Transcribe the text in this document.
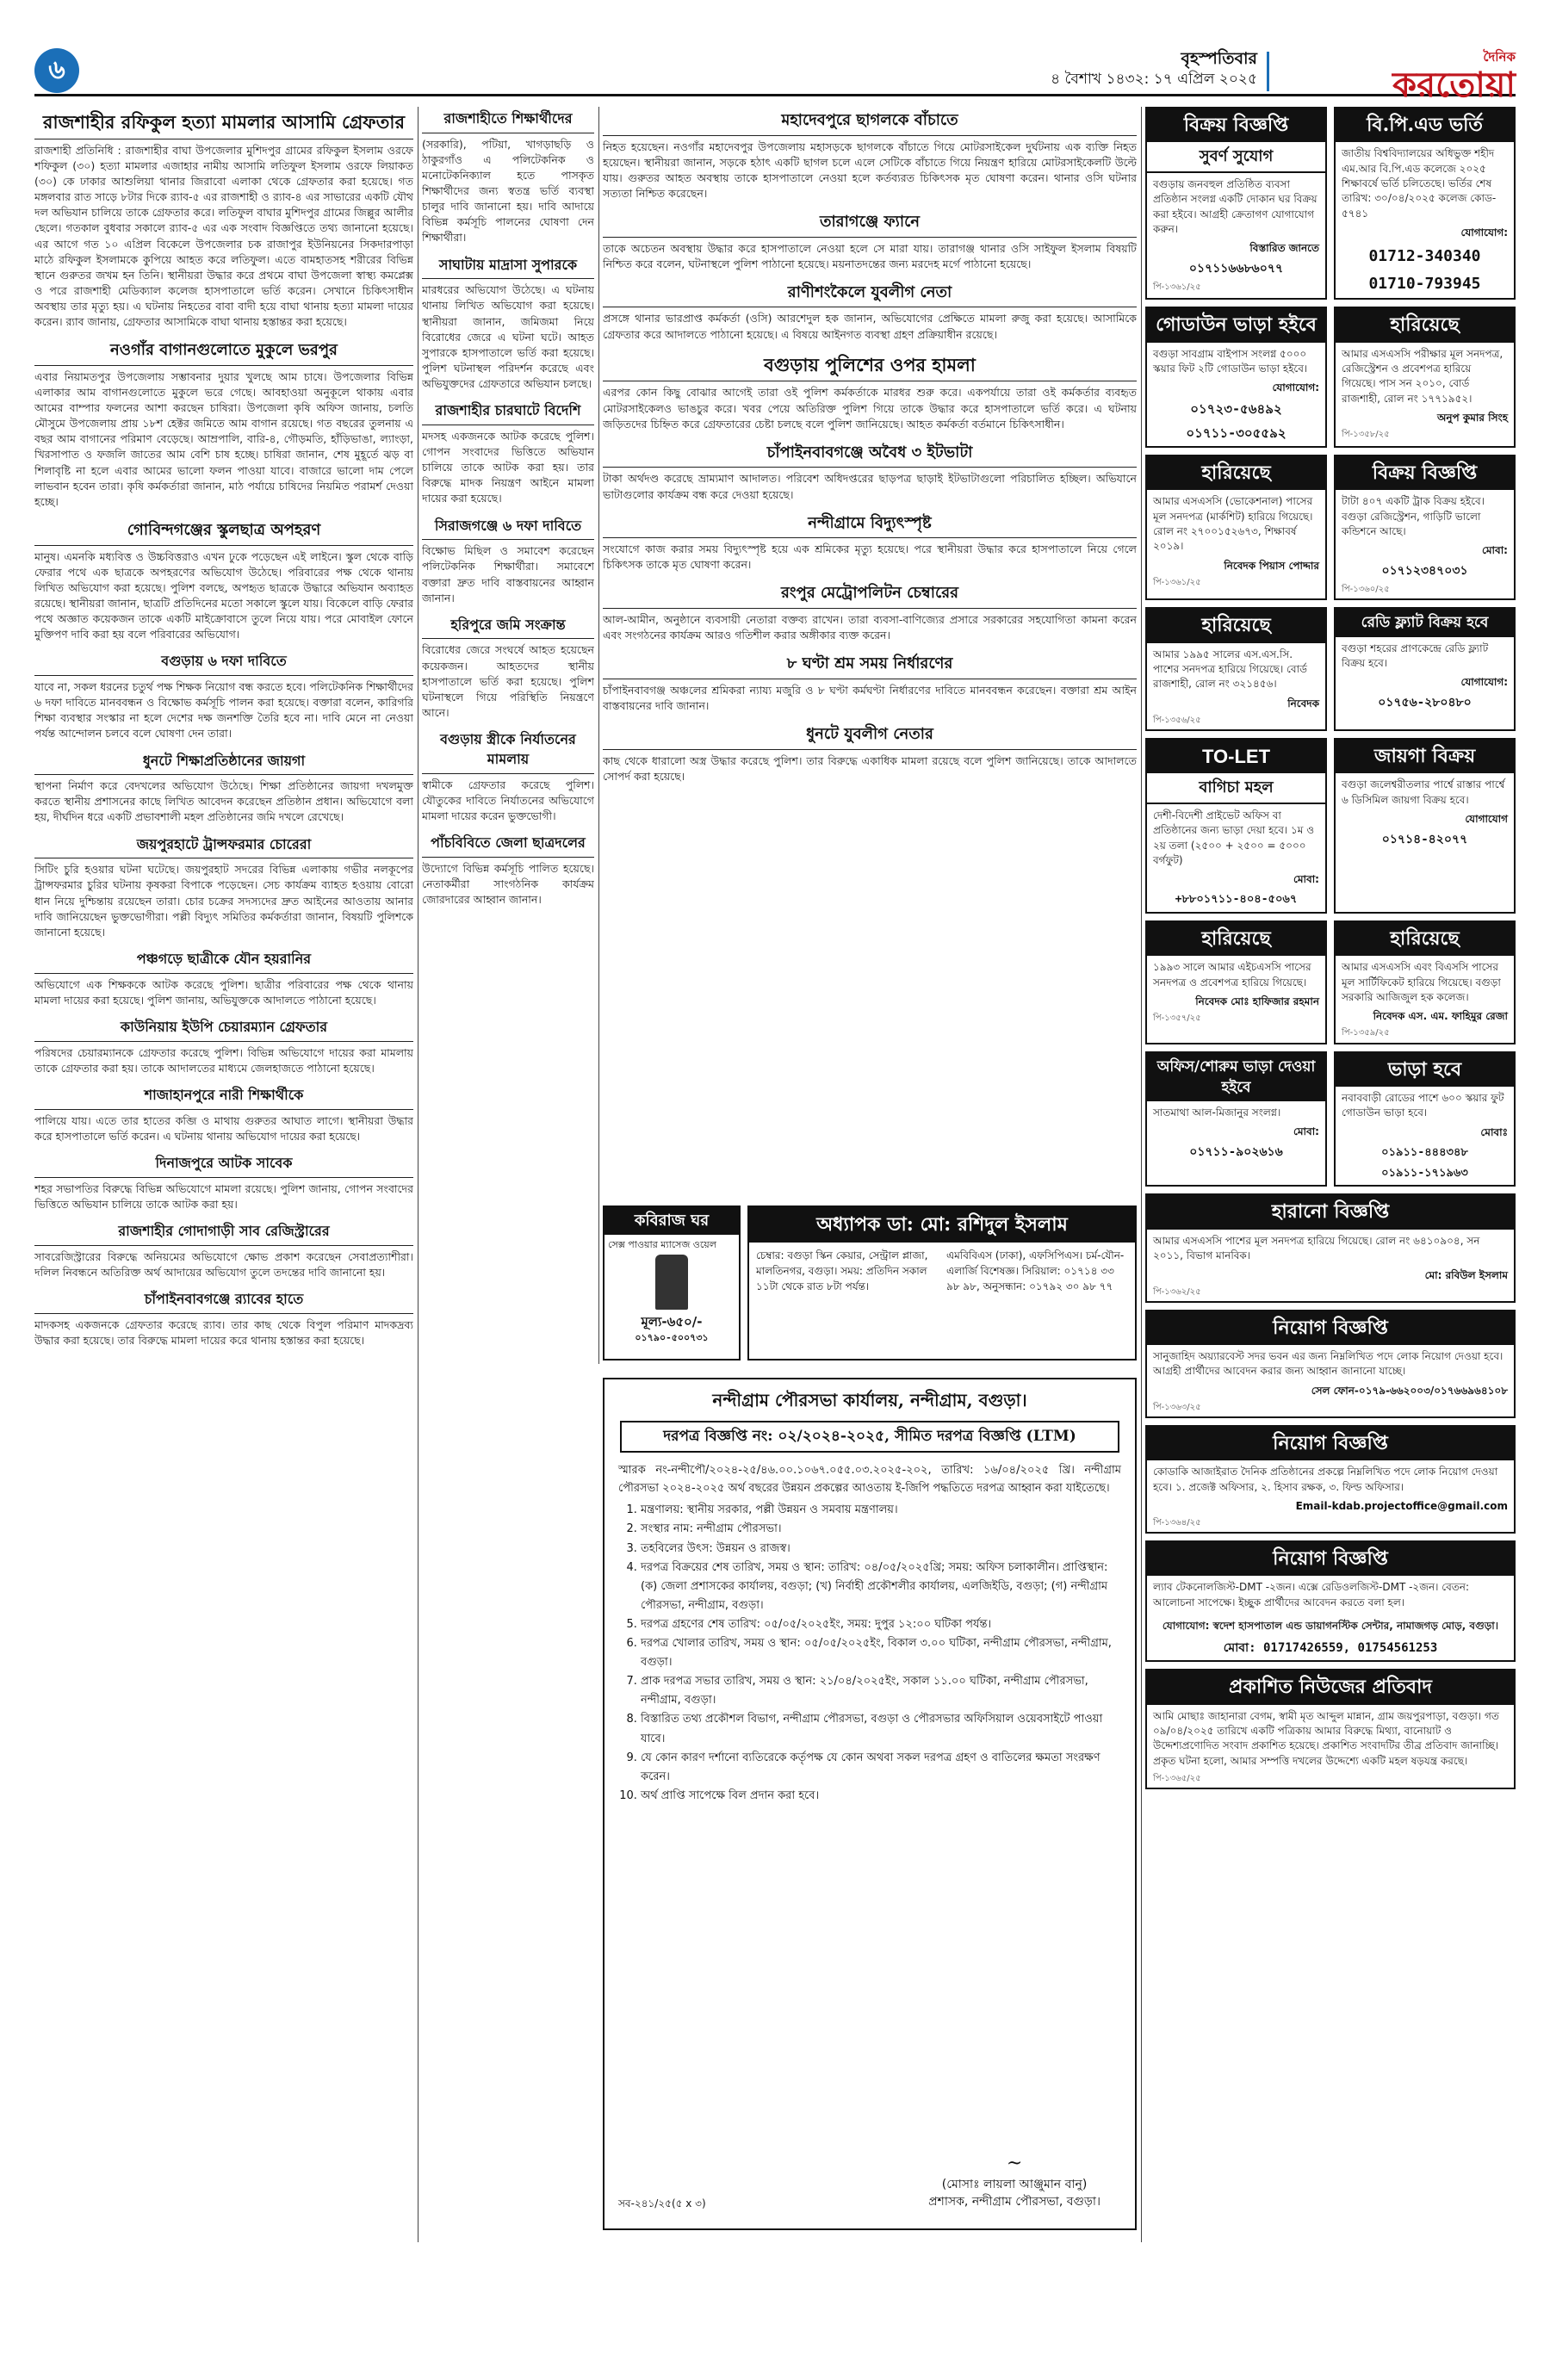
৬	বৃহস্পতিবার
৪ বৈশাখ ১৪৩২: ১৭ এপ্রিল ২০২৫
দৈনিক
করতোয়া
রাজশাহীর রফিকুল হত্যা মামলার আসামি গ্রেফতার

রাজশাহী প্রতিনিধি : রাজশাহীর বাঘা উপজেলার মুশিদপুর গ্রামের রফিকুল ইসলাম ওরফে শফিকুল (৩০) হত্যা মামলার এজাহার নামীয় আসামি লতিফুল ইসলাম ওরফে লিয়াকত (৩০) কে ঢাকার আশুলিয়া থানার জিরাবো এলাকা থেকে গ্রেফতার করা হয়েছে। গত মঙ্গলবার রাত সাড়ে ৮টার দিকে র‍্যাব-৫ এর রাজশাহী ও র‍্যাব-৪ এর সাভারের একটি যৌথ দল অভিযান চালিয়ে তাকে গ্রেফতার করে। লতিফুল বাঘার মুশিদপুর গ্রামের জিল্লুর আলীর ছেলে। গতকাল বুধবার সকালে র‍্যাব-৫ এর এক সংবাদ বিজ্ঞপ্তিতে তথ্য জানানো হয়েছে। এর আগে গত ১০ এপ্রিল বিকেলে উপজেলার চক রাজাপুর ইউনিয়নের সিকদারপাড়া মাঠে রফিকুল ইসলামকে কুপিয়ে আহত করে লতিফুল। এতে বামহাতসহ শরীরের বিভিন্ন স্থানে গুরুতর জখম হন তিনি। স্থানীয়রা উদ্ধার করে প্রথমে বাঘা উপজেলা স্বাস্থ্য কমপ্লেক্স ও পরে রাজশাহী মেডিক্যাল কলেজ হাসপাতালে ভর্তি করেন। সেখানে চিকিৎসাধীন অবস্থায় তার মৃত্যু হয়। এ ঘটনায় নিহতের বাবা বাদী হয়ে বাঘা থানায় হত্যা মামলা দায়ের করেন। র‍্যাব জানায়, গ্রেফতার আসামিকে বাঘা থানায় হস্তান্তর করা হয়েছে।

নওগাঁর বাগানগুলোতে মুকুলে ভরপুর

এবার নিয়ামতপুর উপজেলায় সম্ভাবনার দুয়ার খুলছে আম চাষে। উপজেলার বিভিন্ন এলাকার আম বাগানগুলোতে মুকুলে ভরে গেছে। আবহাওয়া অনুকূলে থাকায় এবার আমের বাম্পার ফলনের আশা করছেন চাষিরা। উপজেলা কৃষি অফিস জানায়, চলতি মৌসুমে উপজেলায় প্রায় ১৮শ হেক্টর জমিতে আম বাগান রয়েছে। গত বছরের তুলনায় এ বছর আম বাগানের পরিমাণ বেড়েছে। আম্রপালি, বারি-৪, গৌড়মতি, হাঁড়িভাঙা, ল্যাংড়া, খিরসাপাত ও ফজলি জাতের আম বেশি চাষ হচ্ছে। চাষিরা জানান, শেষ মুহূর্তে ঝড় বা শিলাবৃষ্টি না হলে এবার আমের ভালো ফলন পাওয়া যাবে। বাজারে ভালো দাম পেলে লাভবান হবেন তারা। কৃষি কর্মকর্তারা জানান, মাঠ পর্যায়ে চাষিদের নিয়মিত পরামর্শ দেওয়া হচ্ছে।

গোবিন্দগঞ্জের স্কুলছাত্র অপহরণ

মানুষ। এমনকি মধ্যবিত্ত ও উচ্চবিত্তরাও এখন ঢুকে পড়েছেন এই লাইনে। স্কুল থেকে বাড়ি ফেরার পথে এক ছাত্রকে অপহরণের অভিযোগ উঠেছে। পরিবারের পক্ষ থেকে থানায় লিখিত অভিযোগ করা হয়েছে। পুলিশ বলছে, অপহৃত ছাত্রকে উদ্ধারে অভিযান অব্যাহত রয়েছে। স্থানীয়রা জানান, ছাত্রটি প্রতিদিনের মতো সকালে স্কুলে যায়। বিকেলে বাড়ি ফেরার পথে অজ্ঞাত কয়েকজন তাকে একটি মাইক্রোবাসে তুলে নিয়ে যায়। পরে মোবাইল ফোনে মুক্তিপণ দাবি করা হয় বলে পরিবারের অভিযোগ।

বগুড়ায় ৬ দফা দাবিতে

যাবে না, সকল ধরনের চতুর্থ পক্ষ শিক্ষক নিয়োগ বন্ধ করতে হবে। পলিটেকনিক শিক্ষার্থীদের ৬ দফা দাবিতে মানববন্ধন ও বিক্ষোভ কর্মসূচি পালন করা হয়েছে। বক্তারা বলেন, কারিগরি শিক্ষা ব্যবস্থার সংস্কার না হলে দেশের দক্ষ জনশক্তি তৈরি হবে না। দাবি মেনে না নেওয়া পর্যন্ত আন্দোলন চলবে বলে ঘোষণা দেন তারা।

ধুনটে শিক্ষাপ্রতিষ্ঠানের জায়গা

স্থাপনা নির্মাণ করে বেদখলের অভিযোগ উঠেছে। শিক্ষা প্রতিষ্ঠানের জায়গা দখলমুক্ত করতে স্থানীয় প্রশাসনের কাছে লিখিত আবেদন করেছেন প্রতিষ্ঠান প্রধান। অভিযোগে বলা হয়, দীর্ঘদিন ধরে একটি প্রভাবশালী মহল প্রতিষ্ঠানের জমি দখলে রেখেছে।

জয়পুরহাটে ট্রান্সফরমার চোরেরা

সিটিং চুরি হওয়ার ঘটনা ঘটেছে। জয়পুরহাট সদরের বিভিন্ন এলাকায় গভীর নলকূপের ট্রান্সফরমার চুরির ঘটনায় কৃষকরা বিপাকে পড়েছেন। সেচ কার্যক্রম ব্যাহত হওয়ায় বোরো ধান নিয়ে দুশ্চিন্তায় রয়েছেন তারা। চোর চক্রের সদস্যদের দ্রুত আইনের আওতায় আনার দাবি জানিয়েছেন ভুক্তভোগীরা। পল্লী বিদ্যুৎ সমিতির কর্মকর্তারা জানান, বিষয়টি পুলিশকে জানানো হয়েছে।

পঞ্চগড়ে ছাত্রীকে যৌন হয়রানির

অভিযোগে এক শিক্ষককে আটক করেছে পুলিশ। ছাত্রীর পরিবারের পক্ষ থেকে থানায় মামলা দায়ের করা হয়েছে। পুলিশ জানায়, অভিযুক্তকে আদালতে পাঠানো হয়েছে।

কাউনিয়ায় ইউপি চেয়ারম্যান গ্রেফতার

পরিষদের চেয়ারম্যানকে গ্রেফতার করেছে পুলিশ। বিভিন্ন অভিযোগে দায়ের করা মামলায় তাকে গ্রেফতার করা হয়। তাকে আদালতের মাধ্যমে জেলহাজতে পাঠানো হয়েছে।

শাজাহানপুরে নারী শিক্ষার্থীকে

পালিয়ে যায়। এতে তার হাতের কব্জি ও মাথায় গুরুতর আঘাত লাগে। স্থানীয়রা উদ্ধার করে হাসপাতালে ভর্তি করেন। এ ঘটনায় থানায় অভিযোগ দায়ের করা হয়েছে।

দিনাজপুরে আটক সাবেক

শহর সভাপতির বিরুদ্ধে বিভিন্ন অভিযোগে মামলা রয়েছে। পুলিশ জানায়, গোপন সংবাদের ভিত্তিতে অভিযান চালিয়ে তাকে আটক করা হয়।

রাজশাহীর গোদাগাড়ী সাব রেজিস্ট্রারের

সাবরেজিস্ট্রারের বিরুদ্ধে অনিয়মের অভিযোগে ক্ষোভ প্রকাশ করেছেন সেবাপ্রত্যাশীরা। দলিল নিবন্ধনে অতিরিক্ত অর্থ আদায়ের অভিযোগ তুলে তদন্তের দাবি জানানো হয়।

চাঁপাইনবাবগঞ্জে র‍্যাবের হাতে

মাদকসহ একজনকে গ্রেফতার করেছে র‍্যাব। তার কাছ থেকে বিপুল পরিমাণ মাদকদ্রব্য উদ্ধার করা হয়েছে। তার বিরুদ্ধে মামলা দায়ের করে থানায় হস্তান্তর করা হয়েছে।

রাজশাহীতে শিক্ষার্থীদের

(সরকারি), পটিয়া, খাগড়াছড়ি ও ঠাকুরগাঁও এ পলিটেকনিক ও মনোটেকনিক্যাল হতে পাসকৃত শিক্ষার্থীদের জন্য স্বতন্ত্র ভর্তি ব্যবস্থা চালুর দাবি জানানো হয়। দাবি আদায়ে বিভিন্ন কর্মসূচি পালনের ঘোষণা দেন শিক্ষার্থীরা।

সাঘাটায় মাদ্রাসা সুপারকে

মারধরের অভিযোগ উঠেছে। এ ঘটনায় থানায় লিখিত অভিযোগ করা হয়েছে। স্থানীয়রা জানান, জমিজমা নিয়ে বিরোধের জেরে এ ঘটনা ঘটে। আহত সুপারকে হাসপাতালে ভর্তি করা হয়েছে। পুলিশ ঘটনাস্থল পরিদর্শন করেছে এবং অভিযুক্তদের গ্রেফতারে অভিযান চলছে।

রাজশাহীর চারঘাটে বিদেশি

মদসহ একজনকে আটক করেছে পুলিশ। গোপন সংবাদের ভিত্তিতে অভিযান চালিয়ে তাকে আটক করা হয়। তার বিরুদ্ধে মাদক নিয়ন্ত্রণ আইনে মামলা দায়ের করা হয়েছে।

সিরাজগঞ্জে ৬ দফা দাবিতে

বিক্ষোভ মিছিল ও সমাবেশ করেছেন পলিটেকনিক শিক্ষার্থীরা। সমাবেশে বক্তারা দ্রুত দাবি বাস্তবায়নের আহ্বান জানান।

হরিপুরে জমি সংক্রান্ত

বিরোধের জেরে সংঘর্ষে আহত হয়েছেন কয়েকজন। আহতদের স্থানীয় হাসপাতালে ভর্তি করা হয়েছে। পুলিশ ঘটনাস্থলে গিয়ে পরিস্থিতি নিয়ন্ত্রণে আনে।

বগুড়ায় স্ত্রীকে নির্যাতনের মামলায়

স্বামীকে গ্রেফতার করেছে পুলিশ। যৌতুকের দাবিতে নির্যাতনের অভিযোগে মামলা দায়ের করেন ভুক্তভোগী।

পাঁচবিবিতে জেলা ছাত্রদলের

উদ্যোগে বিভিন্ন কর্মসূচি পালিত হয়েছে। নেতাকর্মীরা সাংগঠনিক কার্যক্রম জোরদারের আহ্বান জানান।

মহাদেবপুরে ছাগলকে বাঁচাতে

নিহত হয়েছেন। নওগাঁর মহাদেবপুর উপজেলায় মহাসড়কে ছাগলকে বাঁচাতে গিয়ে মোটরসাইকেল দুর্ঘটনায় এক ব্যক্তি নিহত হয়েছেন। স্থানীয়রা জানান, সড়কে হঠাৎ একটি ছাগল চলে এলে সেটিকে বাঁচাতে গিয়ে নিয়ন্ত্রণ হারিয়ে মোটরসাইকেলটি উল্টে যায়। গুরুতর আহত অবস্থায় তাকে হাসপাতালে নেওয়া হলে কর্তব্যরত চিকিৎসক মৃত ঘোষণা করেন। থানার ওসি ঘটনার সত্যতা নিশ্চিত করেছেন।

তারাগঞ্জে ফ্যানে

তাকে অচেতন অবস্থায় উদ্ধার করে হাসপাতালে নেওয়া হলে সে মারা যায়। তারাগঞ্জ থানার ওসি সাইফুল ইসলাম বিষয়টি নিশ্চিত করে বলেন, ঘটনাস্থলে পুলিশ পাঠানো হয়েছে। ময়নাতদন্তের জন্য মরদেহ মর্গে পাঠানো হয়েছে।

রাণীশংকৈলে যুবলীগ নেতা

প্রসঙ্গে থানার ভারপ্রাপ্ত কর্মকর্তা (ওসি) আরশেদুল হক জানান, অভিযোগের প্রেক্ষিতে মামলা রুজু করা হয়েছে। আসামিকে গ্রেফতার করে আদালতে পাঠানো হয়েছে। এ বিষয়ে আইনগত ব্যবস্থা গ্রহণ প্রক্রিয়াধীন রয়েছে।

বগুড়ায় পুলিশের ওপর হামলা

এরপর কোন কিছু বোঝার আগেই তারা ওই পুলিশ কর্মকর্তাকে মারধর শুরু করে। একপর্যায়ে তারা ওই কর্মকর্তার ব্যবহৃত মোটরসাইকেলও ভাঙচুর করে। খবর পেয়ে অতিরিক্ত পুলিশ গিয়ে তাকে উদ্ধার করে হাসপাতালে ভর্তি করে। এ ঘটনায় জড়িতদের চিহ্নিত করে গ্রেফতারের চেষ্টা চলছে বলে পুলিশ জানিয়েছে। আহত কর্মকর্তা বর্তমানে চিকিৎসাধীন।

চাঁপাইনবাবগঞ্জে অবৈধ ৩ ইটভাটা

টাকা অর্থদণ্ড করেছে ভ্রাম্যমাণ আদালত। পরিবেশ অধিদপ্তরের ছাড়পত্র ছাড়াই ইটভাটাগুলো পরিচালিত হচ্ছিল। অভিযানে ভাটাগুলোর কার্যক্রম বন্ধ করে দেওয়া হয়েছে।

নন্দীগ্রামে বিদ্যুৎস্পৃষ্ট

সংযোগে কাজ করার সময় বিদ্যুৎস্পৃষ্ট হয়ে এক শ্রমিকের মৃত্যু হয়েছে। পরে স্থানীয়রা উদ্ধার করে হাসপাতালে নিয়ে গেলে চিকিৎসক তাকে মৃত ঘোষণা করেন।

রংপুর মেট্রোপলিটন চেম্বারের

আল-আমীন, অনুষ্ঠানে ব্যবসায়ী নেতারা বক্তব্য রাখেন। তারা ব্যবসা-বাণিজ্যের প্রসারে সরকারের সহযোগিতা কামনা করেন এবং সংগঠনের কার্যক্রম আরও গতিশীল করার অঙ্গীকার ব্যক্ত করেন।

৮ ঘণ্টা শ্রম সময় নির্ধারণের

চাঁপাইনবাবগঞ্জ অঞ্চলের শ্রমিকরা ন্যায্য মজুরি ও ৮ ঘণ্টা কর্মঘণ্টা নির্ধারণের দাবিতে মানববন্ধন করেছেন। বক্তারা শ্রম আইন বাস্তবায়নের দাবি জানান।

ধুনটে যুবলীগ নেতার

কাছ থেকে ধারালো অস্ত্র উদ্ধার করেছে পুলিশ। তার বিরুদ্ধে একাধিক মামলা রয়েছে বলে পুলিশ জানিয়েছে। তাকে আদালতে সোপর্দ করা হয়েছে।

কবিরাজ ঘর
সেক্স পাওয়ার ম্যাসেজ ওয়েল
মূল্য-৬৫০/-
০১৭৯০-৫০০৭৩১
অধ্যাপক ডা: মো: রশিদুল ইসলাম
চেম্বার: বগুড়া স্কিন কেয়ার, সেন্ট্রাল প্লাজা, মালতিনগর, বগুড়া। সময়: প্রতিদিন সকাল ১১টা থেকে রাত ৮টা পর্যন্ত।
এমবিবিএস (ঢাকা), এফসিপিএস। চর্ম-যৌন-এলার্জি বিশেষজ্ঞ। সিরিয়াল: ০১৭১৪ ৩৩ ৯৮ ৯৮, অনুসন্ধান: ০১৭৯২ ৩০ ৯৮ ৭৭
নন্দীগ্রাম পৌরসভা কার্যালয়, নন্দীগ্রাম, বগুড়া।
দরপত্র বিজ্ঞপ্তি নং: ০২/২০২৪-২০২৫, সীমিত দরপত্র বিজ্ঞপ্তি (LTM)
স্মারক নং-নন্দীপৌ/২০২৪-২৫/৪৬.০০.১০৬৭.০৫৫.০৩.২০২৫-২০২, তারিখ: ১৬/০৪/২০২৫ খ্রি। নন্দীগ্রাম পৌরসভা ২০২৪-২০২৫ অর্থ বছরের উন্নয়ন প্রকল্পের আওতায় ই-জিপি পদ্ধতিতে দরপত্র আহ্বান করা যাইতেছে।
1. মন্ত্রণালয়: স্থানীয় সরকার, পল্লী উন্নয়ন ও সমবায় মন্ত্রণালয়।
2. সংস্থার নাম: নন্দীগ্রাম পৌরসভা।
3. তহবিলের উৎস: উন্নয়ন ও রাজস্ব।
4. দরপত্র বিক্রয়ের শেষ তারিখ, সময় ও স্থান: তারিখ: ০৪/০৫/২০২৫খ্রি; সময়: অফিস চলাকালীন। প্রাপ্তিস্থান: (ক) জেলা প্রশাসকের কার্যালয়, বগুড়া; (খ) নির্বাহী প্রকৌশলীর কার্যালয়, এলজিইডি, বগুড়া; (গ) নন্দীগ্রাম পৌরসভা, নন্দীগ্রাম, বগুড়া।
5. দরপত্র গ্রহণের শেষ তারিখ: ০৫/০৫/২০২৫ইং, সময়: দুপুর ১২:০০ ঘটিকা পর্যন্ত।
6. দরপত্র খোলার তারিখ, সময় ও স্থান: ০৫/০৫/২০২৫ইং, বিকাল ৩.০০ ঘটিকা, নন্দীগ্রাম পৌরসভা, নন্দীগ্রাম, বগুড়া।
7. প্রাক দরপত্র সভার তারিখ, সময় ও স্থান: ২১/০৪/২০২৫ইং, সকাল ১১.০০ ঘটিকা, নন্দীগ্রাম পৌরসভা, নন্দীগ্রাম, বগুড়া।
8. বিস্তারিত তথ্য প্রকৌশল বিভাগ, নন্দীগ্রাম পৌরসভা, বগুড়া ও পৌরসভার অফিসিয়াল ওয়েবসাইটে পাওয়া যাবে।
9. যে কোন কারণ দর্শানো ব্যতিরেকে কর্তৃপক্ষ যে কোন অথবা সকল দরপত্র গ্রহণ ও বাতিলের ক্ষমতা সংরক্ষণ করেন।
10. অর্থ প্রাপ্তি সাপেক্ষে বিল প্রদান করা হবে।
সব-২৪১/২৫(৫ x ৩)
~
(মোসাঃ লায়লা আঞ্জুমান বানু)
প্রশাসক, নন্দীগ্রাম পৌরসভা, বগুড়া।
বিক্রয় বিজ্ঞপ্তি
সুবর্ণ সুযোগ
বগুড়ায় জনবহুল প্রতিষ্ঠিত ব্যবসা প্রতিষ্ঠান সংলগ্ন একটি দোকান ঘর বিক্রয় করা হইবে। আগ্রহী ক্রেতাগণ যোগাযোগ করুন।
বিস্তারিত জানতে
০১৭১১৬৬৮৬০৭৭
পি-১৩৬১/২৫
বি.পি.এড ভর্তি
জাতীয় বিশ্ববিদ্যালয়ের অধিভুক্ত শহীদ এম.আর বি.পি.এড কলেজে ২০২৫ শিক্ষাবর্ষে ভর্তি চলিতেছে। ভর্তির শেষ তারিখ: ৩০/০৪/২০২৫ কলেজ কোড- ৫৭৪১
যোগাযোগ:
01712-340340
01710-793945
গোডাউন ভাড়া হইবে
বগুড়া সাবগ্রাম বাইপাস সংলগ্ন ৫০০০ স্কয়ার ফিট ২টি গোডাউন ভাড়া হইবে।
যোগাযোগ:
০১৭২৩-৫৬৪৯২
০১৭১১-৩০৫৫৯২
হারিয়েছে
আমার এসএসসি পরীক্ষার মূল সনদপত্র, রেজিস্ট্রেশন ও প্রবেশপত্র হারিয়ে গিয়েছে। পাস সন ২০১০, বোর্ড রাজশাহী, রোল নং ১৭৭১৯৫২।
অনুপ কুমার সিংহ
পি-১৩৫৮/২৫
হারিয়েছে
আমার এসএসসি (ভোকেশনাল) পাসের মূল সনদপত্র (মার্কশিট) হারিয়ে গিয়েছে। রোল নং ২৭০০১৫২৬৭৩, শিক্ষাবর্ষ ২০১৯।
নিবেদক পিয়াস পোদ্দার
পি-১৩৬১/২৫
বিক্রয় বিজ্ঞপ্তি
টাটা ৪০৭ একটি ট্রাক বিক্রয় হইবে। বগুড়া রেজিস্ট্রেশন, গাড়িটি ভালো কন্ডিশনে আছে।
মোবা:
০১৭১২৩৪৭০৩১
পি-১৩৬০/২৫
হারিয়েছে
আমার ১৯৯৫ সালের এস.এস.সি. পাশের সনদপত্র হারিয়ে গিয়েছে। বোর্ড রাজশাহী, রোল নং ৩২১৪৫৬।
নিবেদক
পি-১৩৫৬/২৫
রেডি ফ্ল্যাট বিক্রয় হবে
বগুড়া শহরের প্রাণকেন্দ্রে রেডি ফ্ল্যাট বিক্রয় হবে।
যোগাযোগ:
০১৭৫৬-২৮০৪৮০
TO-LET
বাগিচা মহল
দেশী-বিদেশী প্রাইভেট অফিস বা প্রতিষ্ঠানের জন্য ভাড়া দেয়া হবে। ১ম ও ২য় তলা (২৫০০ + ২৫০০ = ৫০০০ বর্গফুট)
মোবা:
+৮৮০১৭১১-৪০৪-৫০৬৭
জায়গা বিক্রয়
বগুড়া জলেশ্বরীতলার পার্শ্বে রাস্তার পার্শ্বে ৬ ডিসিমিল জায়গা বিক্রয় হবে।
যোগাযোগ
০১৭১৪-৪২০৭৭
হারিয়েছে
১৯৯৩ সালে আমার এইচএসসি পাসের সনদপত্র ও প্রবেশপত্র হারিয়ে গিয়েছে।
নিবেদক মোঃ হাফিজার রহমান
পি-১৩৫৭/২৫
হারিয়েছে
আমার এসএসসি এবং বিএসসি পাসের মূল সার্টিফিকেট হারিয়ে গিয়েছে। বগুড়া সরকারি আজিজুল হক কলেজ।
নিবেদক এস. এম. ফাহিমুর রেজা
পি-১৩৫৯/২৫
অফিস/শোরুম ভাড়া দেওয়া হইবে
সাতমাথা আল-মিজানুর সংলগ্ন।
মোবা:
০১৭১১-৯০২৬১৬
ভাড়া হবে
নবাববাড়ী রোডের পাশে ৬০০ স্কয়ার ফুট গোডাউন ভাড়া হবে।
মোবাঃ
০১৯১১-৪৪৪৩৪৮
০১৯১১-১৭১৯৬৩
হারানো বিজ্ঞপ্তি
আমার এসএসসি পাশের মূল সনদপত্র হারিয়ে গিয়েছে। রোল নং ৬৪১০৯০৪, সন ২০১১, বিভাগ মানবিক।
মো: রবিউল ইসলাম
পি-১৩৬২/২৫
নিয়োগ বিজ্ঞপ্তি
সানুজাহিদ অয়্যারবেস্ট সদর ভবন এর জন্য নিম্নলিখিত পদে লোক নিয়োগ দেওয়া হবে। আগ্রহী প্রার্থীদের আবেদন করার জন্য আহ্বান জানানো যাচ্ছে।
সেল ফোন-০১৭৯-৬৬২০০৩/০১৭৬৬৯৬৪১০৮
পি-১৩৬৩/২৫
নিয়োগ বিজ্ঞপ্তি
কোডাকি আজাইরাত দৈনিক প্রতিষ্ঠানের প্রকল্পে নিম্নলিখিত পদে লোক নিয়োগ দেওয়া হবে। ১. প্রজেক্ট অফিসার, ২. হিসাব রক্ষক, ৩. ফিল্ড অফিসার।
Email-kdab.projectoffice@gmail.com
পি-১৩৬৪/২৫
নিয়োগ বিজ্ঞপ্তি
ল্যাব টেকনোলজিস্ট-DMT -২জন। এক্সে রেডিওলজিস্ট-DMT -২জন। বেতন: আলোচনা সাপেক্ষে। ইচ্ছুক প্রার্থীদের আবেদন করতে বলা হল।
যোগাযোগ: স্বদেশ হাসপাতাল এন্ড ডায়াগনস্টিক সেন্টার, নামাজগড় মোড়, বগুড়া।
মোবা: 01717426559, 01754561253
প্রকাশিত নিউজের প্রতিবাদ
আমি মোছাঃ জাহানারা বেগম, স্বামী মৃত আব্দুল মান্নান, গ্রাম জয়পুরপাড়া, বগুড়া। গত ০৯/০৪/২০২৫ তারিখে একটি পত্রিকায় আমার বিরুদ্ধে মিথ্যা, বানোয়াট ও উদ্দেশ্যপ্রণোদিত সংবাদ প্রকাশিত হয়েছে। প্রকাশিত সংবাদটির তীব্র প্রতিবাদ জানাচ্ছি। প্রকৃত ঘটনা হলো, আমার সম্পত্তি দখলের উদ্দেশ্যে একটি মহল ষড়যন্ত্র করছে।
পি-১৩৬৫/২৫
